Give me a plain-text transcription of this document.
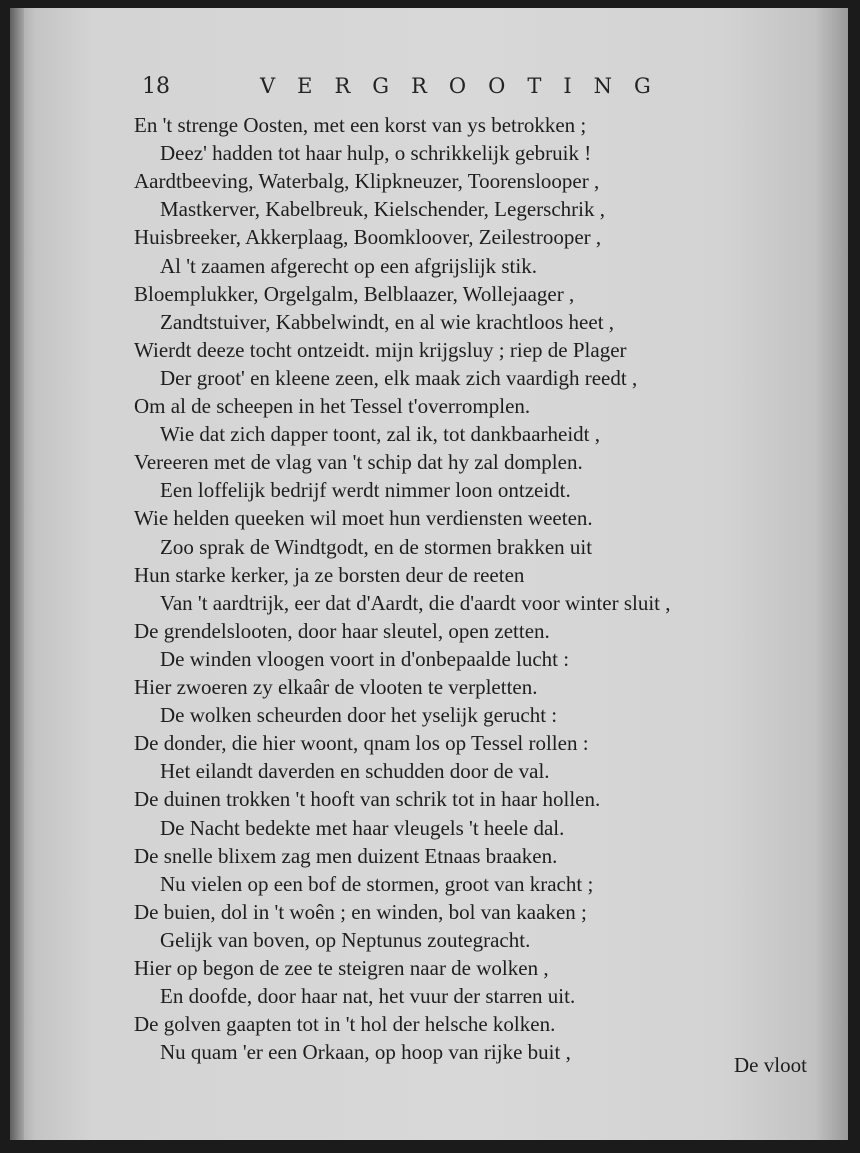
18	VERGROOTING
En 't strenge Oosten, met een korst van ys betrokken ;
Deez' hadden tot haar hulp, o schrikkelijk gebruik !
Aardtbeeving, Waterbalg, Klipkneuzer, Toorenslooper ,
Mastkerver, Kabelbreuk, Kielschender, Legerschrik ,
Huisbreeker, Akkerplaag, Boomkloover, Zeilestrooper ,
Al 't zaamen afgerecht op een afgrijslijk stik.
Bloemplukker, Orgelgalm, Belblaazer, Wollejaager ,
Zandtstuiver, Kabbelwindt, en al wie krachtloos heet ,
Wierdt deeze tocht ontzeidt. mijn krijgsluy ; riep de Plager
Der groot' en kleene zeen, elk maak zich vaardigh reedt ,
Om al de scheepen in het Tessel t'overromplen.
Wie dat zich dapper toont, zal ik, tot dankbaarheidt ,
Vereeren met de vlag van 't schip dat hy zal domplen.
Een loffelijk bedrijf werdt nimmer loon ontzeidt.
Wie helden queeken wil moet hun verdiensten weeten.
Zoo sprak de Windtgodt, en de stormen brakken uit
Hun starke kerker, ja ze borsten deur de reeten
Van 't aardtrijk, eer dat d'Aardt, die d'aardt voor winter sluit ,
De grendelslooten, door haar sleutel, open zetten.
De winden vloogen voort in d'onbepaalde lucht :
Hier zwoeren zy elkaâr de vlooten te verpletten.
De wolken scheurden door het yselijk gerucht :
De donder, die hier woont, qnam los op Tessel rollen :
Het eilandt daverden en schudden door de val.
De duinen trokken 't hooft van schrik tot in haar hollen.
De Nacht bedekte met haar vleugels 't heele dal.
De snelle blixem zag men duizent Etnaas braaken.
Nu vielen op een bof de stormen, groot van kracht ;
De buien, dol in 't woên ; en winden, bol van kaaken ;
Gelijk van boven, op Neptunus zoutegracht.
Hier op begon de zee te steigren naar de wolken ,
En doofde, door haar nat, het vuur der starren uit.
De golven gaapten tot in 't hol der helsche kolken.
Nu quam 'er een Orkaan, op hoop van rijke buit ,
De vloot
